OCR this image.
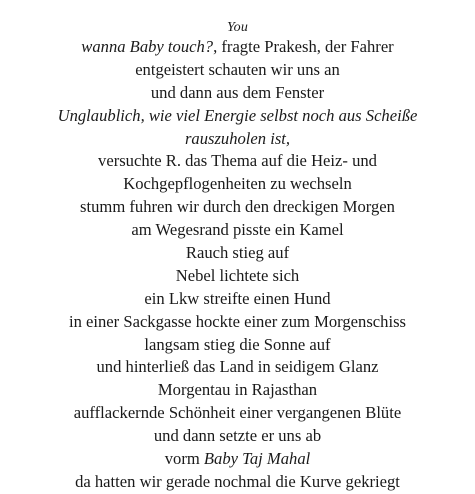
You
wanna Baby touch?, fragte Prakesh, der Fahrer
entgeistert schauten wir uns an
und dann aus dem Fenster
Unglaublich, wie viel Energie selbst noch aus Scheiße
rauszuholen ist,
versuchte R. das Thema auf die Heiz- und
Kochgepflogenheiten zu wechseln
stumm fuhren wir durch den dreckigen Morgen
am Wegesrand pisste ein Kamel
Rauch stieg auf
Nebel lichtete sich
ein Lkw streifte einen Hund
in einer Sackgasse hockte einer zum Morgenschiss
langsam stieg die Sonne auf
und hinterließ das Land in seidigem Glanz
Morgentau in Rajasthan
aufflackernde Schönheit einer vergangenen Blüte
und dann setzte er uns ab
vorm Baby Taj Mahal
da hatten wir gerade nochmal die Kurve gekriegt
